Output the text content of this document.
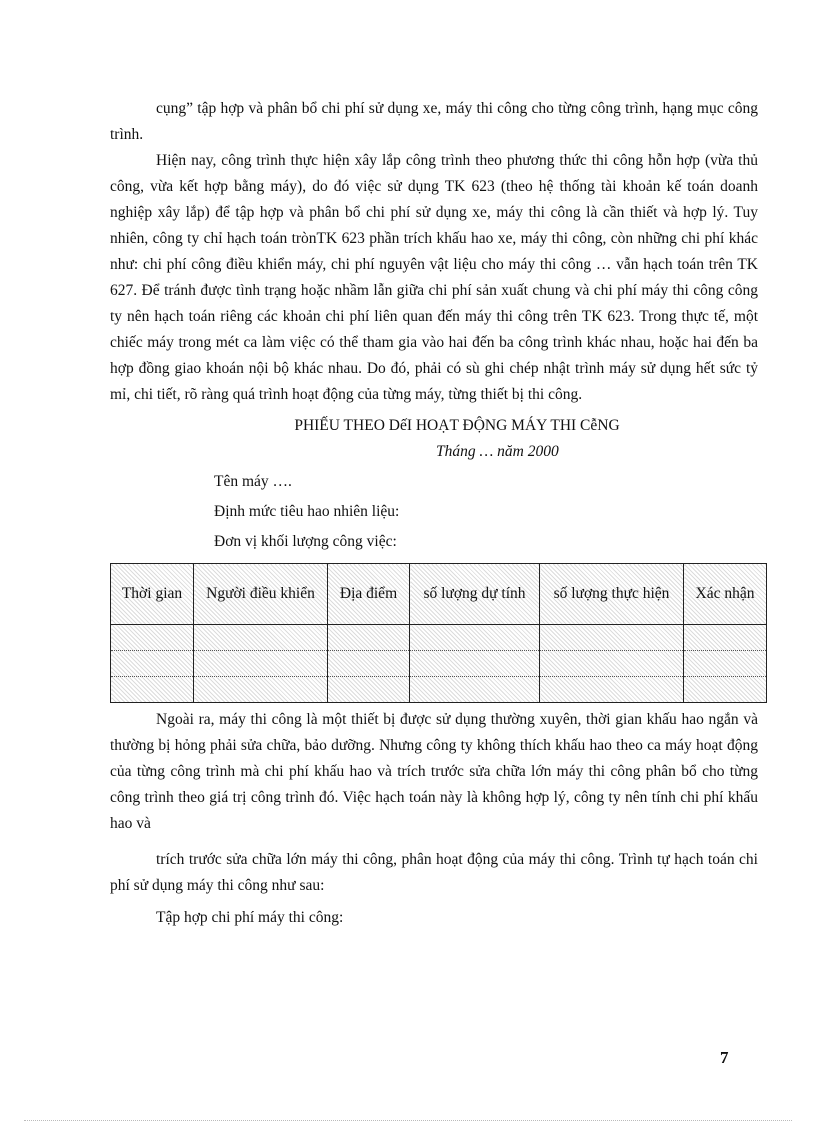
cụng” tập hợp và phân bổ chi phí sử dụng xe, máy thi công cho từng công trình, hạng mục công trình.

Hiện nay, công trình thực hiện xây lắp công trình theo phương thức thi công hỗn hợp (vừa thủ công, vừa kết hợp bằng máy), do đó việc sử dụng TK 623 (theo hệ thống tài khoản kế toán doanh nghiệp xây lắp) để tập hợp và phân bổ chi phí sử dụng xe, máy thi công là cần thiết và hợp lý. Tuy nhiên, công ty chỉ hạch toán trònTK 623 phần trích khấu hao xe, máy thi công, còn những chi phí khác như: chi phí công điều khiển máy, chi phí nguyên vật liệu cho máy thi công … vẫn hạch toán trên TK 627. Để tránh được tình trạng hoặc nhầm lẫn giữa chi phí sản xuất chung và chi phí máy thi công công ty nên hạch toán riêng các khoản chi phí liên quan đến máy thi công trên TK 623. Trong thực tế, một chiếc máy trong mét ca làm việc có thể tham gia vào hai đến ba công trình khác nhau, hoặc hai đến ba hợp đồng giao khoán nội bộ khác nhau. Do đó, phải có sù ghi chép nhật trình máy sử dụng hết sức tỷ mỉ, chi tiết, rõ ràng quá trình hoạt động của từng máy, từng thiết bị thi công.

PHIẾU THEO DếI HOẠT ĐỘNG MÁY THI CễNG

Tháng … năm 2000

Tên máy ….

Định mức tiêu hao nhiên liệu:

Đơn vị khối lượng công việc:

Thời gian	Người điều khiển	Địa điểm	số lượng dự tính	số lượng thực hiện	Xác nhận

Ngoài ra, máy thi công là một thiết bị được sử dụng thường xuyên, thời gian khấu hao ngắn và thường bị hỏng phải sửa chữa, bảo dưỡng. Nhưng công ty không thích khấu hao theo ca máy hoạt động của từng công trình mà chi phí khấu hao và trích trước sửa chữa lớn máy thi công phân bổ cho từng công trình theo giá trị công trình đó. Việc hạch toán này là không hợp lý, công ty nên tính chi phí khấu hao và

trích trước sửa chữa lớn máy thi công, phân hoạt động của máy thi công. Trình tự hạch toán chi phí sử dụng máy thi công như sau:

Tập hợp chi phí máy thi công:

7
